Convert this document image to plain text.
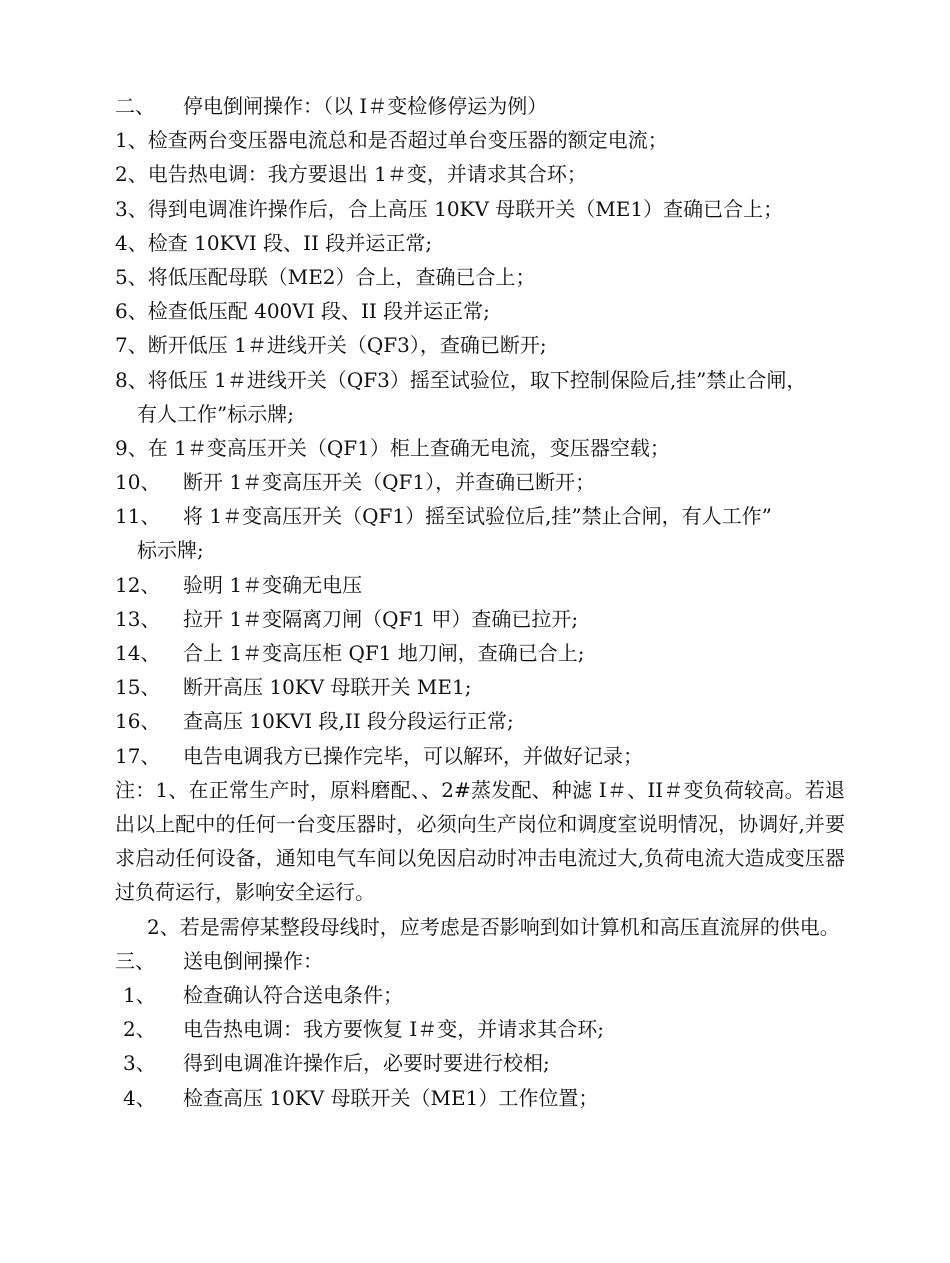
二、	停电倒闸操作：（以 I＃变检修停运为例）
1、检查两台变压器电流总和是否超过单台变压器的额定电流；
2、电告热电调：我方要退出 1＃变，并请求其合环；
3、得到电调准许操作后，合上高压 10KV 母联开关（ME1）查确已合上；
4、检查 10KVI 段、II 段并运正常;
5、将低压配母联（ME2）合上，查确已合上；
6、检查低压配 400VI 段、II 段并运正常;
7、断开低压 1＃进线开关（QF3），查确已断开;
8、将低压 1＃进线开关（QF3）摇至试验位，取下控制保险后,挂”禁止合闸，
有人工作”标示牌;
9、在 1＃变高压开关（QF1）柜上查确无电流，变压器空载；
10、	断开 1＃变高压开关（QF1），并查确已断开；
11、	将 1＃变高压开关（QF1）摇至试验位后,挂”禁止合闸，有人工作”
标示牌;
12、	验明 1＃变确无电压
13、	拉开 1＃变隔离刀闸（QF1 甲）查确已拉开;
14、	合上 1＃变高压柜 QF1 地刀闸，查确已合上;
15、	断开高压 10KV 母联开关 ME1;
16、	查高压 10KVI 段,II 段分段运行正常;
17、	电告电调我方已操作完毕，可以解环，并做好记录；
注：1、在正常生产时，原料磨配、、2#蒸发配、种滤 I＃、II＃变负荷较高。若退出以上配中的任何一台变压器时，必须向生产岗位和调度室说明情况，协调好,并要求启动任何设备，通知电气车间以免因启动时冲击电流过大,负荷电流大造成变压器过负荷运行，影响安全运行。
2、若是需停某整段母线时，应考虑是否影响到如计算机和高压直流屏的供电。
三、	送电倒闸操作：
1、	检查确认符合送电条件；
2、	电告热电调：我方要恢复 I＃变，并请求其合环;
3、	得到电调准许操作后，必要时要进行校相;
4、	检查高压 10KV 母联开关（ME1）工作位置；
